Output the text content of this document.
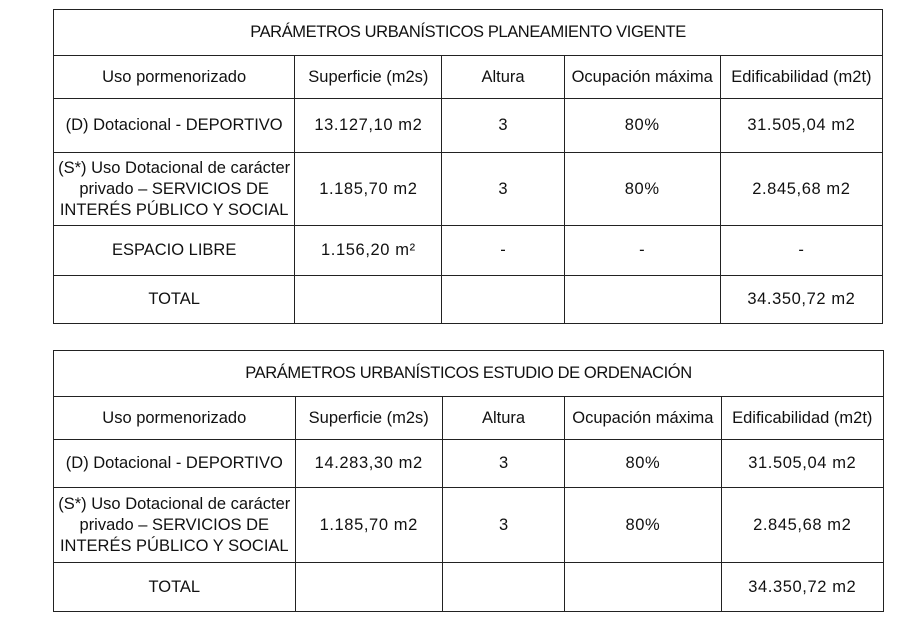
PARÁMETROS URBANÍSTICOS PLANEAMIENTO VIGENTE				
Uso pormenorizado	Superficie (m2s)	Altura	Ocupación máxima	Edificabilidad (m2t)
(D) Dotacional - DEPORTIVO	13.127,10 m2	3	80%	31.505,04 m2
(S*) Uso Dotacional de carácter
privado – SERVICIOS DE
INTERÉS PÚBLICO Y SOCIAL	1.185,70 m2	3	80%	2.845,68 m2
ESPACIO LIBRE	1.156,20 m²	-	-	-
TOTAL				34.350,72 m2
PARÁMETROS URBANÍSTICOS ESTUDIO DE ORDENACIÓN				
Uso pormenorizado	Superficie (m2s)	Altura	Ocupación máxima	Edificabilidad (m2t)
(D) Dotacional - DEPORTIVO	14.283,30 m2	3	80%	31.505,04 m2
(S*) Uso Dotacional de carácter
privado – SERVICIOS DE
INTERÉS PÚBLICO Y SOCIAL	1.185,70 m2	3	80%	2.845,68 m2
TOTAL				34.350,72 m2
